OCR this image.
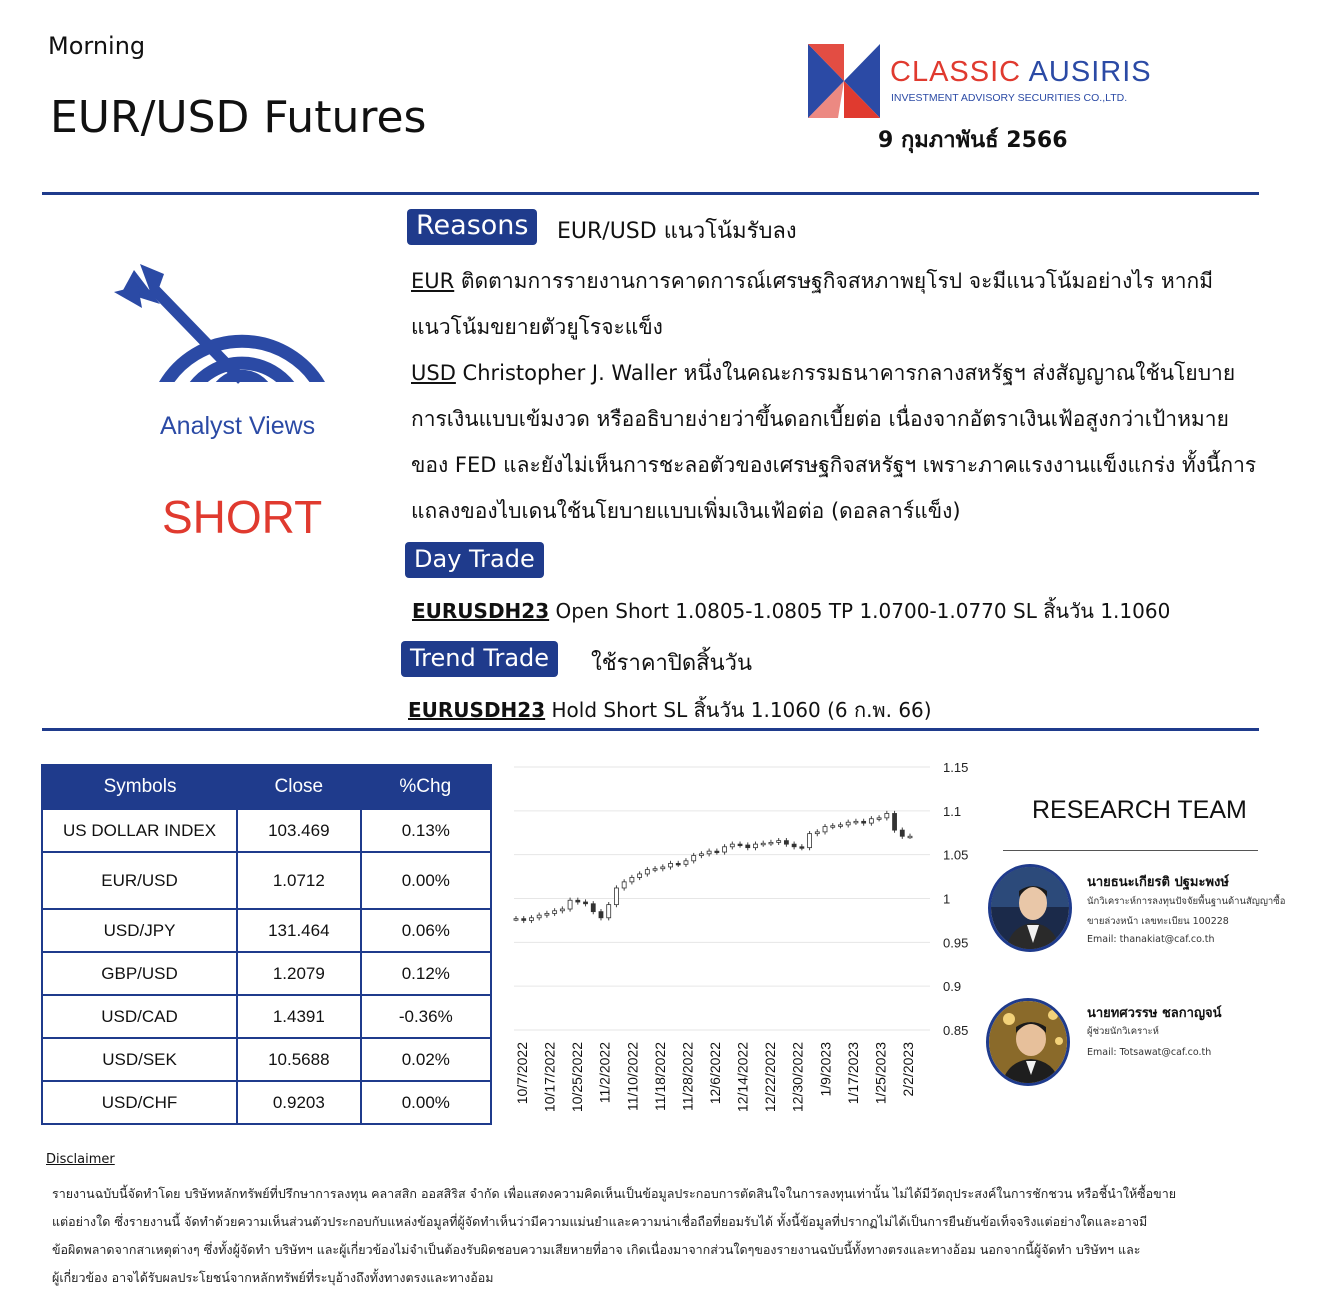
Morning
EUR/USD Futures
CLASSIC AUSIRIS
INVESTMENT ADVISORY SECURITIES CO.,LTD.
9 กุมภาพันธ์ 2566
Analyst Views
SHORT
Reasons	EUR/USD แนวโน้มรับลง
EUR ติดตามการรายงานการคาดการณ์เศรษฐกิจสหภาพยุโรป จะมีแนวโน้มอย่างไร หากมี
แนวโน้มขยายตัวยูโรจะแข็ง
USD Christopher J. Waller หนึ่งในคณะกรรมธนาคารกลางสหรัฐฯ ส่งสัญญาณใช้นโยบาย
การเงินแบบเข้มงวด หรืออธิบายง่ายว่าขึ้นดอกเบี้ยต่อ เนื่องจากอัตราเงินเฟ้อสูงกว่าเป้าหมาย
ของ FED และยังไม่เห็นการชะลอตัวของเศรษฐกิจสหรัฐฯ เพราะภาคแรงงานแข็งแกร่ง ทั้งนี้การ
แถลงของไบเดนใช้นโยบายแบบเพิ่มเงินเฟ้อต่อ (ดอลลาร์แข็ง)
Day Trade
EURUSDH23 Open Short 1.0805-1.0805 TP 1.0700-1.0770 SL สิ้นวัน 1.1060
Trend Trade	ใช้ราคาปิดสิ้นวัน
EURUSDH23 Hold Short SL สิ้นวัน 1.1060 (6 ก.พ. 66)
Symbols	Close	%Chg
US DOLLAR INDEX	103.469	0.13%
EUR/USD	1.0712	0.00%
USD/JPY	131.464	0.06%
GBP/USD	1.2079	0.12%
USD/CAD	1.4391	-0.36%
USD/SEK	10.5688	0.02%
USD/CHF	0.9203	0.00%
1.15
1.1
1.05
1
0.95
0.9
0.85
10/7/2022 10/17/2022 10/25/2022 11/2/2022 11/10/2022 11/18/2022 11/28/2022 12/6/2022 12/14/2022 12/22/2022 12/30/2022 1/9/2023 1/17/2023 1/25/2023 2/2/2023
RESEARCH TEAM
นายธนะเกียรติ ปฐมะพงษ์
นักวิเคราะห์การลงทุนปัจจัยพื้นฐานด้านสัญญาซื้อ
ขายล่วงหน้า เลขทะเบียน 100228
Email: thanakiat@caf.co.th
นายทศวรรษ ชลกาญจน์
ผู้ช่วยนักวิเคราะห์
Email: Totsawat@caf.co.th
Disclaimer
รายงานฉบับนี้จัดทำโดย บริษัทหลักทรัพย์ที่ปรึกษาการลงทุน คลาสสิก ออสสิริส จำกัด เพื่อแสดงความคิดเห็นเป็นข้อมูลประกอบการตัดสินใจในการลงทุนเท่านั้น ไม่ได้มีวัตถุประสงค์ในการชักชวน หรือชี้นำให้ซื้อขาย
แต่อย่างใด ซึ่งรายงานนี้ จัดทำด้วยความเห็นส่วนตัวประกอบกับแหล่งข้อมูลที่ผู้จัดทำเห็นว่ามีความแม่นยำและความน่าเชื่อถือที่ยอมรับได้ ทั้งนี้ข้อมูลที่ปรากฏไม่ได้เป็นการยืนยันข้อเท็จจริงแต่อย่างใดและอาจมี
ข้อผิดพลาดจากสาเหตุต่างๆ ซึ่งทั้งผู้จัดทำ บริษัทฯ และผู้เกี่ยวข้องไม่จำเป็นต้องรับผิดชอบความเสียหายที่อาจ เกิดเนื่องมาจากส่วนใดๆของรายงานฉบับนี้ทั้งทางตรงและทางอ้อม นอกจากนี้ผู้จัดทำ บริษัทฯ และ
ผู้เกี่ยวข้อง อาจได้รับผลประโยชน์จากหลักทรัพย์ที่ระบุอ้างถึงทั้งทางตรงและทางอ้อม
